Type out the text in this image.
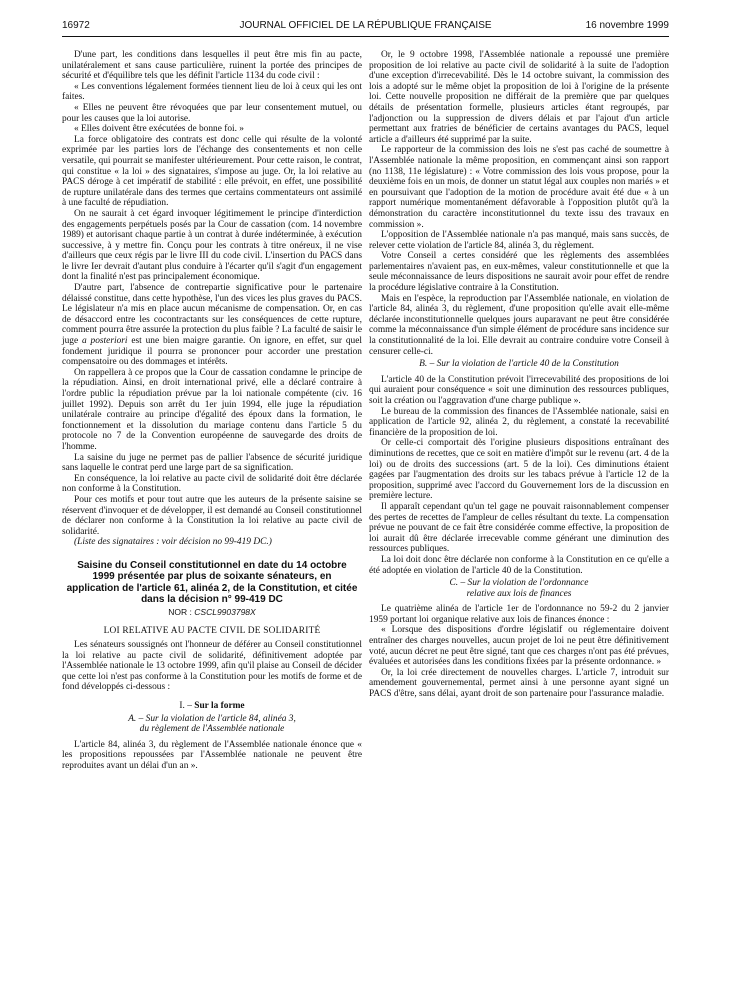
16972	JOURNAL OFFICIEL DE LA RÉPUBLIQUE FRANÇAISE	16 novembre 1999

D'une part, les conditions dans lesquelles il peut être mis fin au pacte, unilatéralement et sans cause particulière, ruinent la portée des principes de sécurité et d'équilibre tels que les définit l'article 1134 du code civil :

« Les conventions légalement formées tiennent lieu de loi à ceux qui les ont faites.

« Elles ne peuvent être révoquées que par leur consentement mutuel, ou pour les causes que la loi autorise.

« Elles doivent être exécutées de bonne foi. »

La force obligatoire des contrats est donc celle qui résulte de la volonté exprimée par les parties lors de l'échange des consentements et non celle versatile, qui pourrait se manifester ultérieurement. Pour cette raison, le contrat, qui constitue « la loi » des signataires, s'impose au juge. Or, la loi relative au PACS déroge à cet impératif de stabilité : elle prévoit, en effet, une possibilité de rupture unilatérale dans des termes que certains commentateurs ont assimilé à une faculté de répudiation.

On ne saurait à cet égard invoquer légitimement le principe d'interdiction des engagements perpétuels posés par la Cour de cassation (com. 14 novembre 1989) et autorisant chaque partie à un contrat à durée indéterminée, à exécution successive, à y mettre fin. Conçu pour les contrats à titre onéreux, il ne vise d'ailleurs que ceux régis par le livre III du code civil. L'insertion du PACS dans le livre Ier devrait d'autant plus conduire à l'écarter qu'il s'agit d'un engagement dont la finalité n'est pas principalement économique.

D'autre part, l'absence de contrepartie significative pour le partenaire délaissé constitue, dans cette hypothèse, l'un des vices les plus graves du PACS. Le législateur n'a mis en place aucun mécanisme de compensation. Or, en cas de désaccord entre les cocontractants sur les conséquences de cette rupture, comment pourra être assurée la protection du plus faible ? La faculté de saisir le juge a posteriori est une bien maigre garantie. On ignore, en effet, sur quel fondement juridique il pourra se prononcer pour accorder une prestation compensatoire ou des dommages et intérêts.

On rappellera à ce propos que la Cour de cassation condamne le principe de la répudiation. Ainsi, en droit international privé, elle a déclaré contraire à l'ordre public la répudiation prévue par la loi nationale compétente (civ. 16 juillet 1992). Depuis son arrêt du 1er juin 1994, elle juge la répudiation unilatérale contraire au principe d'égalité des époux dans la formation, le fonctionnement et la dissolution du mariage contenu dans l'article 5 du protocole no 7 de la Convention européenne de sauvegarde des droits de l'homme.

La saisine du juge ne permet pas de pallier l'absence de sécurité juridique sans laquelle le contrat perd une large part de sa signification.

En conséquence, la loi relative au pacte civil de solidarité doit être déclarée non conforme à la Constitution.

Pour ces motifs et pour tout autre que les auteurs de la présente saisine se réservent d'invoquer et de développer, il est demandé au Conseil constitutionnel de déclarer non conforme à la Constitution la loi relative au pacte civil de solidarité.

(Liste des signataires : voir décision no 99-419 DC.)

Saisine du Conseil constitutionnel en date du 14 octobre 1999 présentée par plus de soixante sénateurs, en application de l'article 61, alinéa 2, de la Constitution, et citée dans la décision n° 99-419 DC
NOR : CSCL9903798X
LOI RELATIVE AU PACTE CIVIL DE SOLIDARITÉ

Les sénateurs soussignés ont l'honneur de déférer au Conseil constitutionnel la loi relative au pacte civil de solidarité, définitivement adoptée par l'Assemblée nationale le 13 octobre 1999, afin qu'il plaise au Conseil de décider que cette loi n'est pas conforme à la Constitution pour les motifs de forme et de fond développés ci-dessous :

I. – Sur la forme
A. – Sur la violation de l'article 84, alinéa 3,
du règlement de l'Assemblée nationale

L'article 84, alinéa 3, du règlement de l'Assemblée nationale énonce que « les propositions repoussées par l'Assemblée nationale ne peuvent être reproduites avant un délai d'un an ».

Or, le 9 octobre 1998, l'Assemblée nationale a repoussé une première proposition de loi relative au pacte civil de solidarité à la suite de l'adoption d'une exception d'irrecevabilité. Dès le 14 octobre suivant, la commission des lois a adopté sur le même objet la proposition de loi à l'origine de la présente loi. Cette nouvelle proposition ne différait de la première que par quelques détails de présentation formelle, plusieurs articles étant regroupés, par l'adjonction ou la suppression de divers délais et par l'ajout d'un article permettant aux fratries de bénéficier de certains avantages du PACS, lequel article a d'ailleurs été supprimé par la suite.

Le rapporteur de la commission des lois ne s'est pas caché de soumettre à l'Assemblée nationale la même proposition, en commençant ainsi son rapport (no 1138, 11e législature) : « Votre commission des lois vous propose, pour la deuxième fois en un mois, de donner un statut légal aux couples non mariés » et en poursuivant que l'adoption de la motion de procédure avait été due « à un rapport numérique momentanément défavorable à l'opposition plutôt qu'à la démonstration du caractère inconstitutionnel du texte issu des travaux en commission ».

L'opposition de l'Assemblée nationale n'a pas manqué, mais sans succès, de relever cette violation de l'article 84, alinéa 3, du règlement.

Votre Conseil a certes considéré que les règlements des assemblées parlementaires n'avaient pas, en eux-mêmes, valeur constitutionnelle et que la seule méconnaissance de leurs dispositions ne saurait avoir pour effet de rendre la procédure législative contraire à la Constitution.

Mais en l'espèce, la reproduction par l'Assemblée nationale, en violation de l'article 84, alinéa 3, du règlement, d'une proposition qu'elle avait elle-même déclarée inconstitutionnelle quelques jours auparavant ne peut être considérée comme la méconnaissance d'un simple élément de procédure sans incidence sur la constitutionnalité de la loi. Elle devrait au contraire conduire votre Conseil à censurer celle-ci.

B. – Sur la violation de l'article 40 de la Constitution

L'article 40 de la Constitution prévoit l'irrecevabilité des propositions de loi qui auraient pour conséquence « soit une diminution des ressources publiques, soit la création ou l'aggravation d'une charge publique ».

Le bureau de la commission des finances de l'Assemblée nationale, saisi en application de l'article 92, alinéa 2, du règlement, a constaté la recevabilité financière de la proposition de loi.

Or celle-ci comportait dès l'origine plusieurs dispositions entraînant des diminutions de recettes, que ce soit en matière d'impôt sur le revenu (art. 4 de la loi) ou de droits des successions (art. 5 de la loi). Ces diminutions étaient gagées par l'augmentation des droits sur les tabacs prévue à l'article 12 de la proposition, supprimé avec l'accord du Gouvernement lors de la discussion en première lecture.

Il apparaît cependant qu'un tel gage ne pouvait raisonnablement compenser des pertes de recettes de l'ampleur de celles résultant du texte. La compensation prévue ne pouvant de ce fait être considérée comme effective, la proposition de loi aurait dû être déclarée irrecevable comme générant une diminution des ressources publiques.

La loi doit donc être déclarée non conforme à la Constitution en ce qu'elle a été adoptée en violation de l'article 40 de la Constitution.

C. – Sur la violation de l'ordonnance
relative aux lois de finances

Le quatrième alinéa de l'article 1er de l'ordonnance no 59-2 du 2 janvier 1959 portant loi organique relative aux lois de finances énonce :

« Lorsque des dispositions d'ordre législatif ou réglementaire doivent entraîner des charges nouvelles, aucun projet de loi ne peut être définitivement voté, aucun décret ne peut être signé, tant que ces charges n'ont pas été prévues, évaluées et autorisées dans les conditions fixées par la présente ordonnance. »

Or, la loi crée directement de nouvelles charges. L'article 7, introduit sur amendement gouvernemental, permet ainsi à une personne ayant signé un PACS d'être, sans délai, ayant droit de son partenaire pour l'assurance maladie.
